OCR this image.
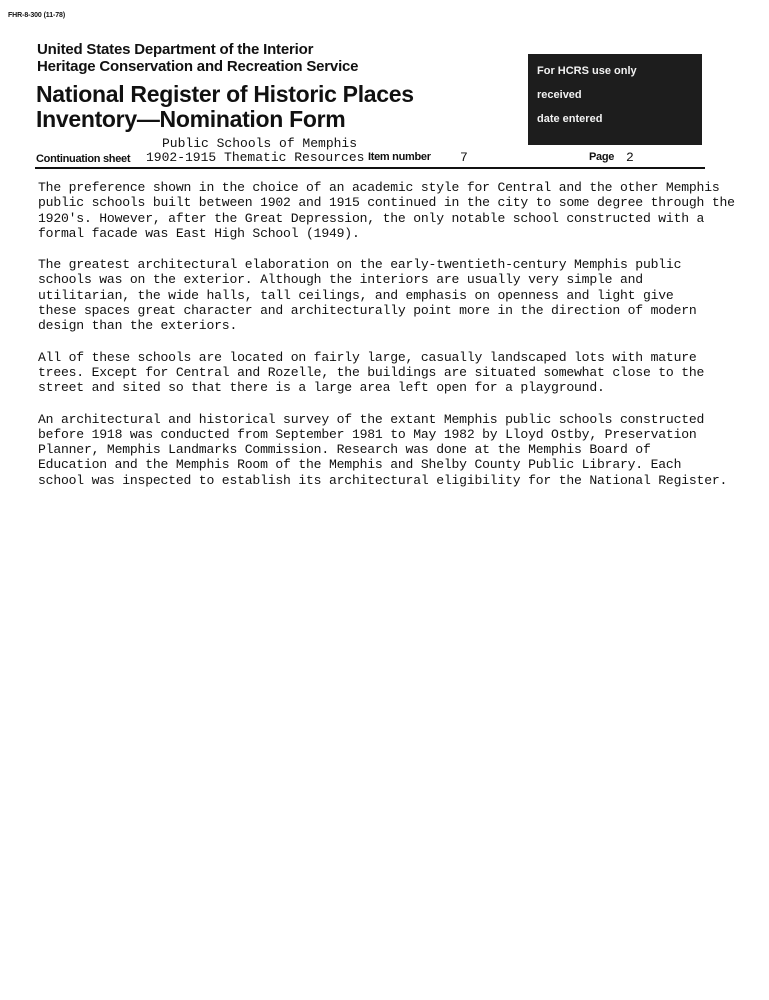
FHR-8-300 (11-78)
United States Department of the Interior
Heritage Conservation and Recreation Service
National Register of Historic Places
Inventory—Nomination Form
For HCRS use only
received
date entered
Public Schools of Memphis
Continuation sheet 1902-1915 Thematic Resources Item number 7	Page 2

The preference shown in the choice of an academic style for Central and the other Memphis
public schools built between 1902 and 1915 continued in the city to some degree through the
1920's. However, after the Great Depression, the only notable school constructed with a
formal facade was East High School (1949).

The greatest architectural elaboration on the early-twentieth-century Memphis public
schools was on the exterior. Although the interiors are usually very simple and
utilitarian, the wide halls, tall ceilings, and emphasis on openness and light give
these spaces great character and architecturally point more in the direction of modern
design than the exteriors.

All of these schools are located on fairly large, casually landscaped lots with mature
trees. Except for Central and Rozelle, the buildings are situated somewhat close to the
street and sited so that there is a large area left open for a playground.

An architectural and historical survey of the extant Memphis public schools constructed
before 1918 was conducted from September 1981 to May 1982 by Lloyd Ostby, Preservation
Planner, Memphis Landmarks Commission. Research was done at the Memphis Board of
Education and the Memphis Room of the Memphis and Shelby County Public Library. Each
school was inspected to establish its architectural eligibility for the National Register.
